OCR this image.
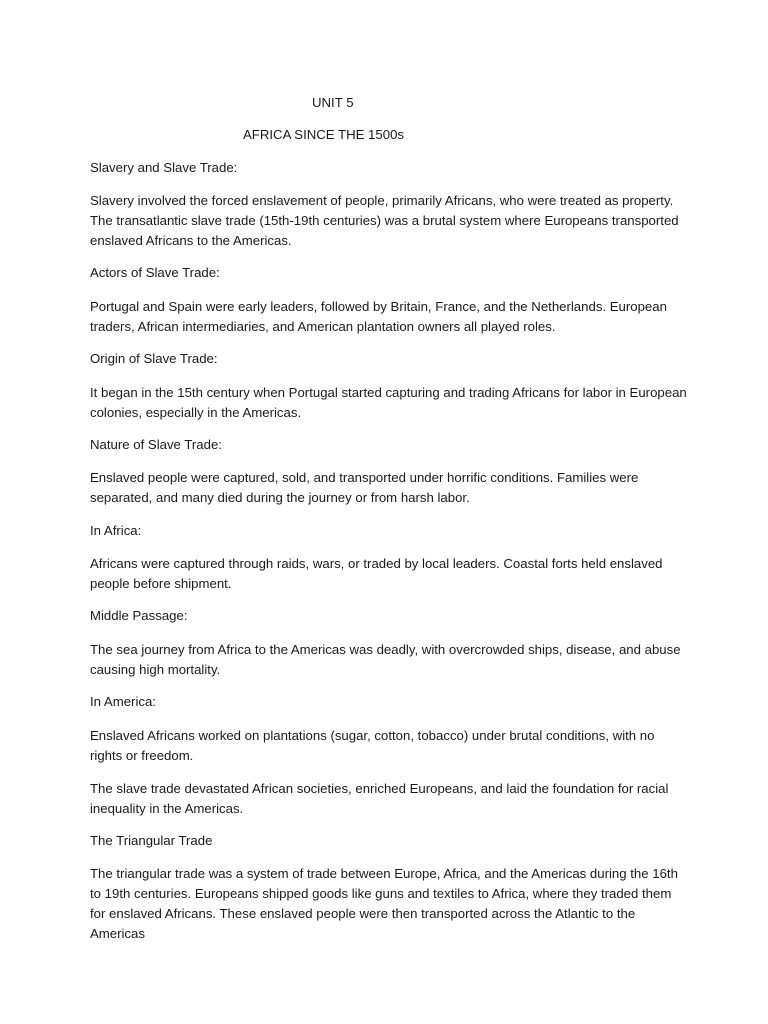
UNIT 5

AFRICA SINCE THE 1500s

Slavery and Slave Trade:

Slavery involved the forced enslavement of people, primarily Africans, who were treated as property. The transatlantic slave trade (15th-19th centuries) was a brutal system where Europeans transported enslaved Africans to the Americas.

Actors of Slave Trade:

Portugal and Spain were early leaders, followed by Britain, France, and the Netherlands. European traders, African intermediaries, and American plantation owners all played roles.

Origin of Slave Trade:

It began in the 15th century when Portugal started capturing and trading Africans for labor in European colonies, especially in the Americas.

Nature of Slave Trade:

Enslaved people were captured, sold, and transported under horrific conditions. Families were separated, and many died during the journey or from harsh labor.

In Africa:

Africans were captured through raids, wars, or traded by local leaders. Coastal forts held enslaved people before shipment.

Middle Passage:

The sea journey from Africa to the Americas was deadly, with overcrowded ships, disease, and abuse causing high mortality.

In America:

Enslaved Africans worked on plantations (sugar, cotton, tobacco) under brutal conditions, with no rights or freedom.

The slave trade devastated African societies, enriched Europeans, and laid the foundation for racial inequality in the Americas.

The Triangular Trade

The triangular trade was a system of trade between Europe, Africa, and the Americas during the 16th to 19th centuries. Europeans shipped goods like guns and textiles to Africa, where they traded them for enslaved Africans. These enslaved people were then transported across the Atlantic to the Americas
